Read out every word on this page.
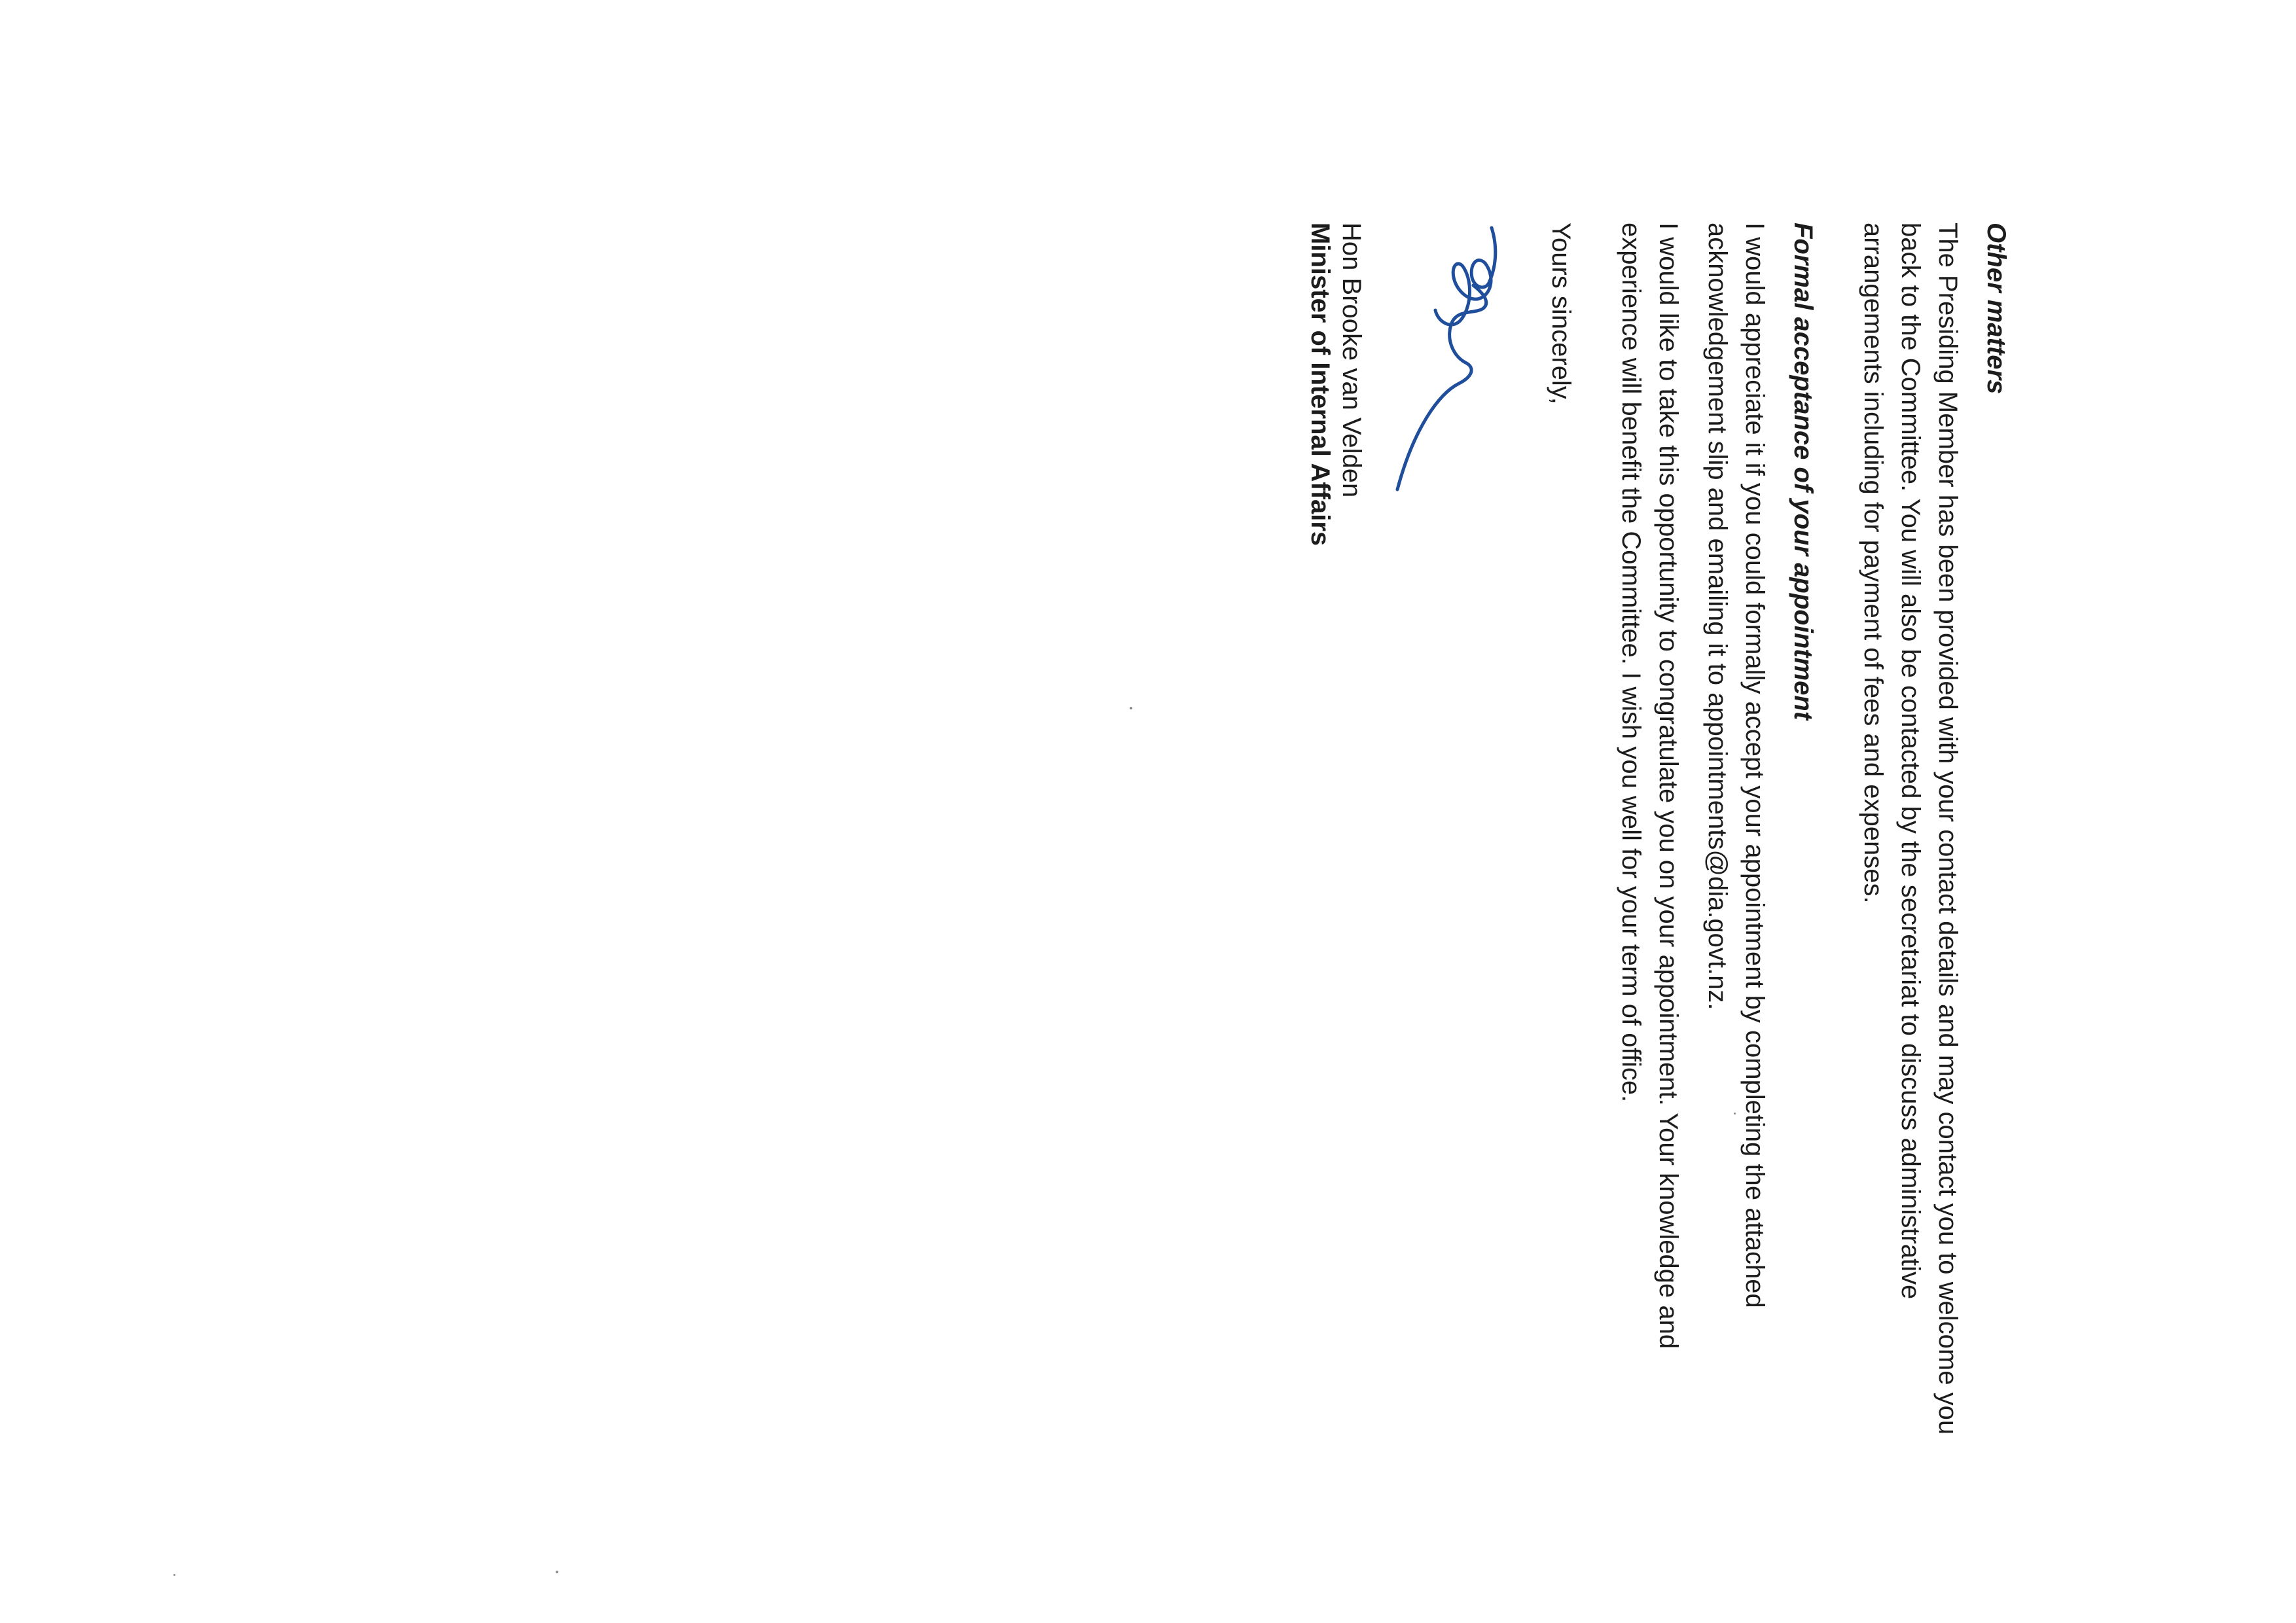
Other matters

The Presiding Member has been provided with your contact details and may contact you to welcome you back to the Committee. You will also be contacted by the secretariat to discuss administrative arrangements including for payment of fees and expenses.

Formal acceptance of your appointment

I would appreciate it if you could formally accept your appointment by completing the attached acknowledgement slip and emailing it to appointments@dia.govt.nz.

I would like to take this opportunity to congratulate you on your appointment. Your knowledge and experience will benefit the Committee. I wish you well for your term of office.

Yours sincerely,

Hon Brooke van Velden

Minister of Internal Affairs
